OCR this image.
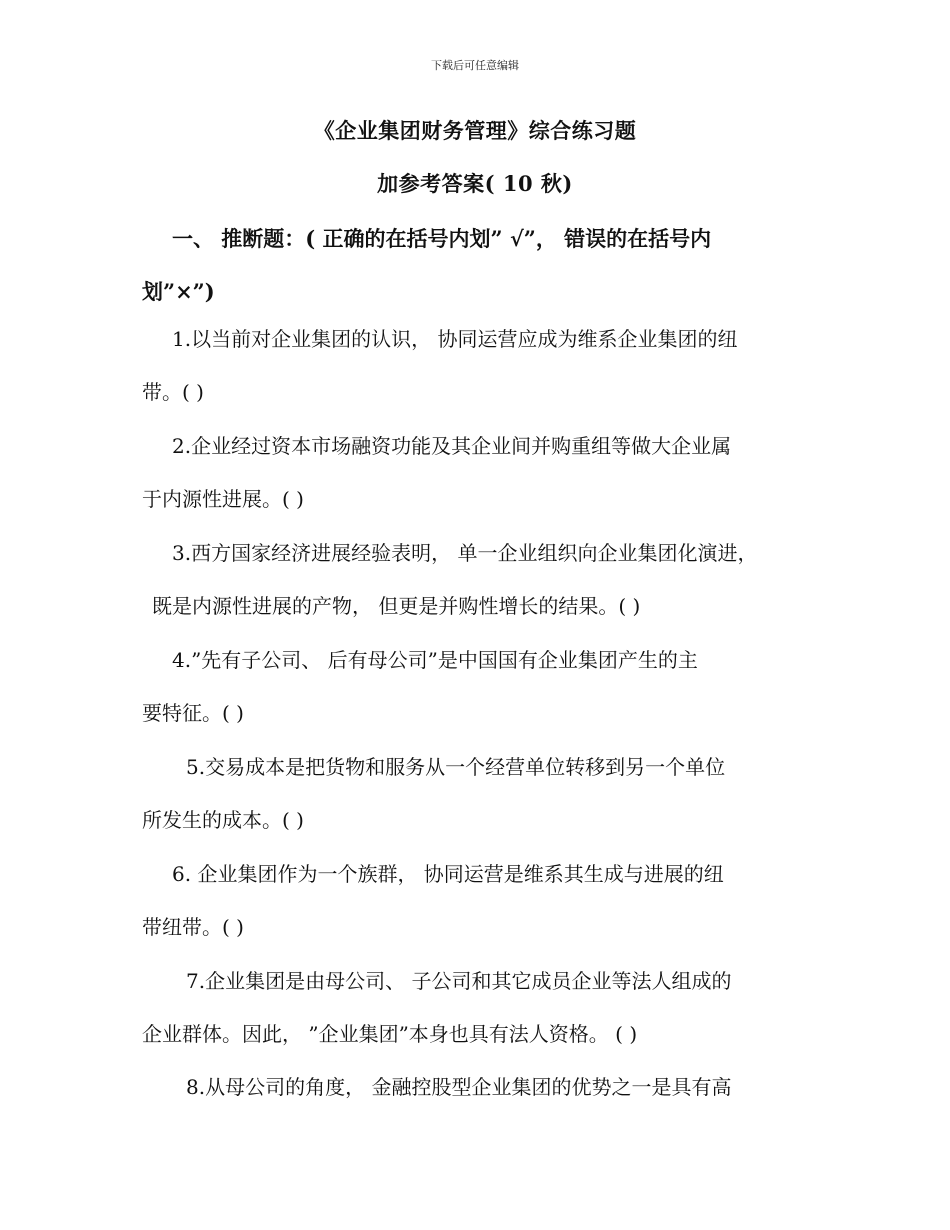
下载后可任意编辑
《企业集团财务管理》综合练习题
加参考答案( 10 秋)
一、 推断题：( 正确的在括号内划” √”， 错误的在括号内
划”×”)
1.以当前对企业集团的认识， 协同运营应成为维系企业集团的纽
带。( )
2.企业经过资本市场融资功能及其企业间并购重组等做大企业属
于内源性进展。( )
3.西方国家经济进展经验表明， 单一企业组织向企业集团化演进，
既是内源性进展的产物， 但更是并购性增长的结果。( )
4.”先有子公司、 后有母公司”是中国国有企业集团产生的主
要特征。( )
5.交易成本是把货物和服务从一个经营单位转移到另一个单位
所发生的成本。( )
6. 企业集团作为一个族群， 协同运营是维系其生成与进展的纽
带纽带。( )
7.企业集团是由母公司、 子公司和其它成员企业等法人组成的
企业群体。因此， ”企业集团”本身也具有法人资格。 ( )
8.从母公司的角度， 金融控股型企业集团的优势之一是具有高
